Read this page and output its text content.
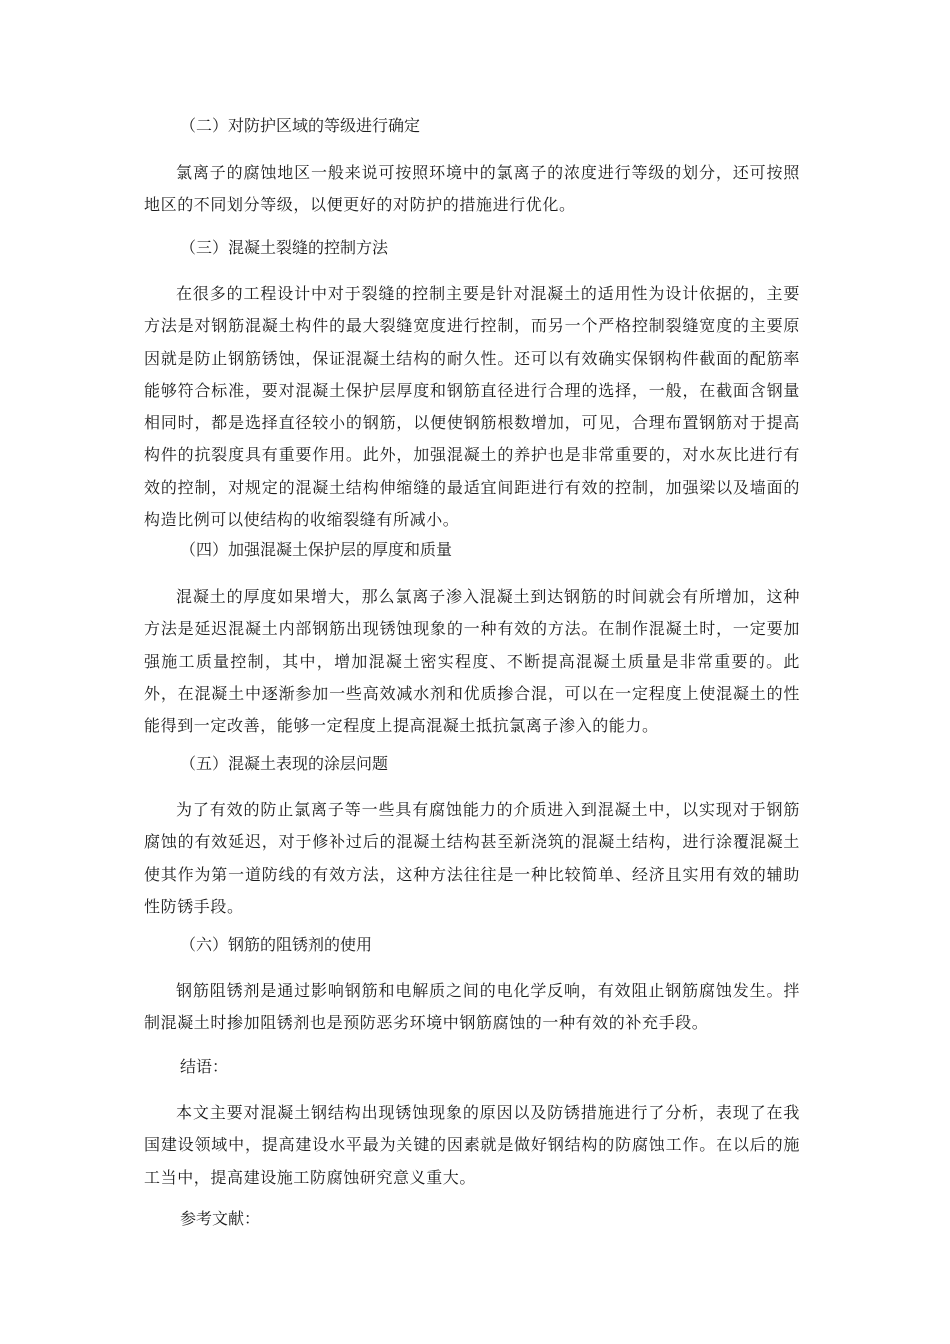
（二）对防护区域的等级进行确定
氯离子的腐蚀地区一般来说可按照环境中的氯离子的浓度进行等级的划分，还可按照地区的不同划分等级，以便更好的对防护的措施进行优化。
（三）混凝土裂缝的控制方法
在很多的工程设计中对于裂缝的控制主要是针对混凝土的适用性为设计依据的，主要方法是对钢筋混凝土构件的最大裂缝宽度进行控制，而另一个严格控制裂缝宽度的主要原因就是防止钢筋锈蚀，保证混凝土结构的耐久性。还可以有效确实保钢构件截面的配筋率能够符合标准，要对混凝土保护层厚度和钢筋直径进行合理的选择，一般，在截面含钢量相同时，都是选择直径较小的钢筋，以便使钢筋根数增加，可见，合理布置钢筋对于提高构件的抗裂度具有重要作用。此外，加强混凝土的养护也是非常重要的，对水灰比进行有效的控制，对规定的混凝土结构伸缩缝的最适宜间距进行有效的控制，加强梁以及墙面的构造比例可以使结构的收缩裂缝有所减小。
（四）加强混凝土保护层的厚度和质量
混凝土的厚度如果增大，那么氯离子渗入混凝土到达钢筋的时间就会有所增加，这种方法是延迟混凝土内部钢筋出现锈蚀现象的一种有效的方法。在制作混凝土时，一定要加强施工质量控制，其中，增加混凝土密实程度、不断提高混凝土质量是非常重要的。此外，在混凝土中逐渐参加一些高效减水剂和优质掺合混，可以在一定程度上使混凝土的性能得到一定改善，能够一定程度上提高混凝土抵抗氯离子渗入的能力。
（五）混凝土表现的涂层问题
为了有效的防止氯离子等一些具有腐蚀能力的介质进入到混凝土中，以实现对于钢筋腐蚀的有效延迟，对于修补过后的混凝土结构甚至新浇筑的混凝土结构，进行涂覆混凝土使其作为第一道防线的有效方法，这种方法往往是一种比较简单、经济且实用有效的辅助性防锈手段。
（六）钢筋的阻锈剂的使用
钢筋阻锈剂是通过影响钢筋和电解质之间的电化学反响，有效阻止钢筋腐蚀发生。拌制混凝土时掺加阻锈剂也是预防恶劣环境中钢筋腐蚀的一种有效的补充手段。
结语：
本文主要对混凝土钢结构出现锈蚀现象的原因以及防锈措施进行了分析，表现了在我国建设领域中，提高建设水平最为关键的因素就是做好钢结构的防腐蚀工作。在以后的施工当中，提高建设施工防腐蚀研究意义重大。
参考文献：
